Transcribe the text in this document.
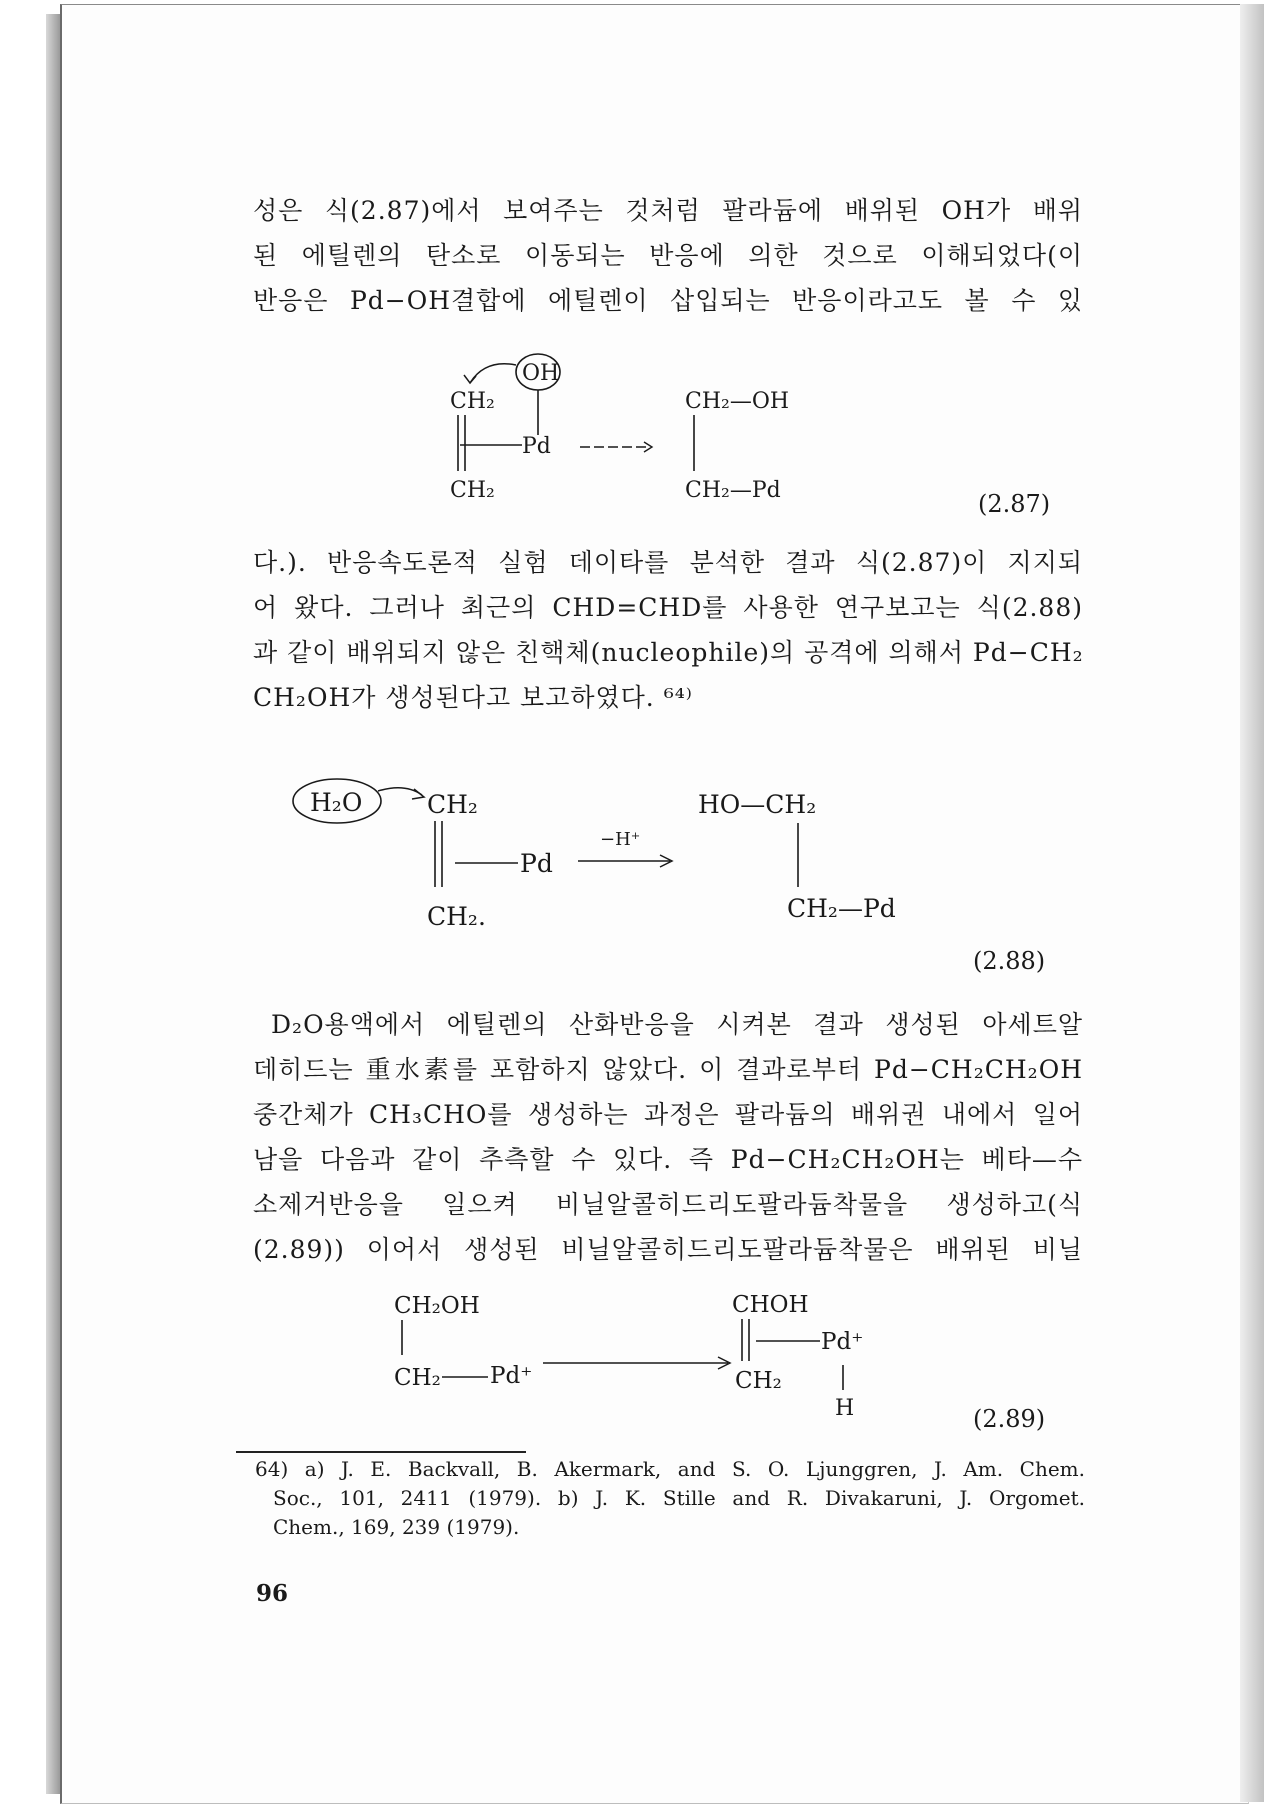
성은 식(2.87)에서 보여주는 것처럼 팔라듐에 배위된 OH가 배위
된 에틸렌의 탄소로 이동되는 반응에 의한 것으로 이해되었다(이
반응은 Pd−OH결합에 에틸렌이 삽입되는 반응이라고도 볼 수 있
OH
CH₂
Pd
CH₂
CH₂—OH
CH₂—Pd	(2.87)
다.). 반응속도론적 실험 데이타를 분석한 결과 식(2.87)이 지지되
어 왔다. 그러나 최근의 CHD=CHD를 사용한 연구보고는 식(2.88)
과 같이 배위되지 않은 친핵체(nucleophile)의 공격에 의해서 Pd−CH₂
CH₂OH가 생성된다고 보고하였다. ⁶⁴⁾
H₂O	CH₂
Pd
CH₂.
−H⁺
HO—CH₂
CH₂—Pd
(2.88)
D₂O용액에서 에틸렌의 산화반응을 시켜본 결과 생성된 아세트알
데히드는 重水素를 포함하지 않았다. 이 결과로부터 Pd−CH₂CH₂OH
중간체가 CH₃CHO를 생성하는 과정은 팔라듐의 배위권 내에서 일어
남을 다음과 같이 추측할 수 있다. 즉 Pd−CH₂CH₂OH는 베타—수
소제거반응을 일으켜 비닐알콜히드리도팔라듐착물을 생성하고(식
(2.89)) 이어서 생성된 비닐알콜히드리도팔라듐착물은 배위된 비닐
CH₂OH
CH₂ Pd⁺
CHOH
Pd⁺
CH₂
H	(2.89)
64) a) J. E. Backvall, B. Akermark, and S. O. Ljunggren, J. Am. Chem.
Soc., 101, 2411 (1979). b) J. K. Stille and R. Divakaruni, J. Orgomet.
Chem., 169, 239 (1979).
96
